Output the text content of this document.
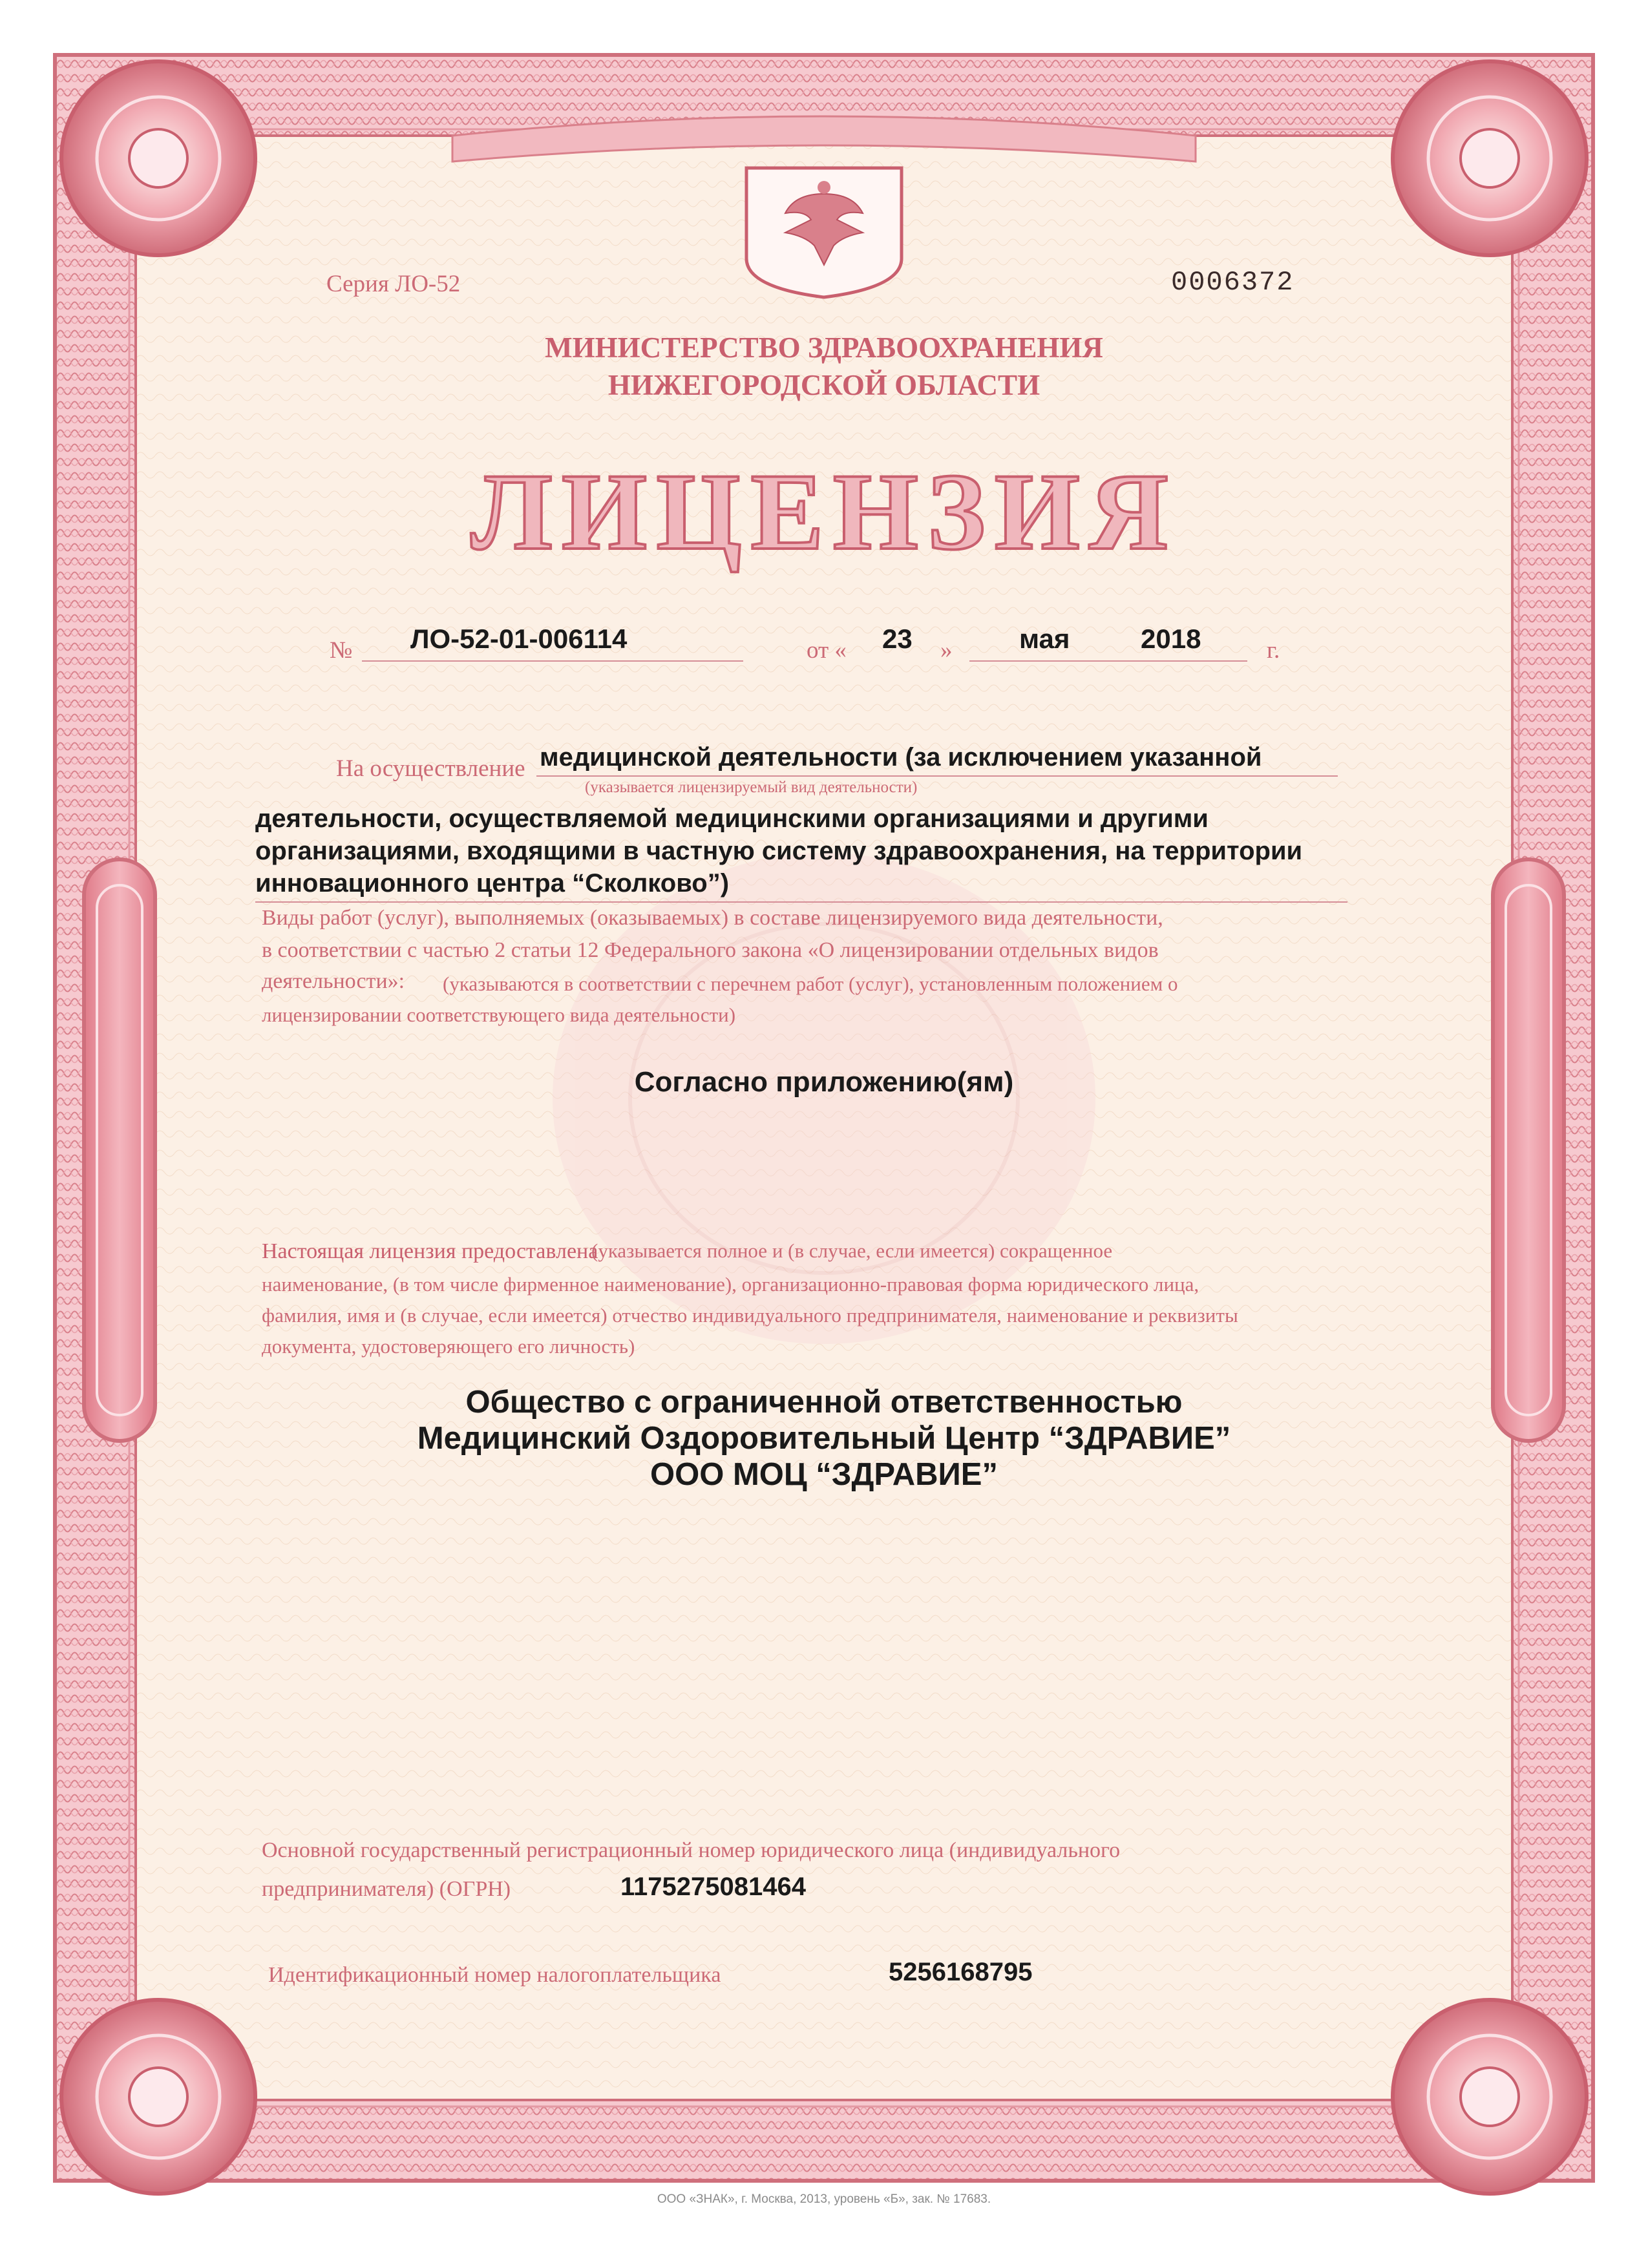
Серия ЛО-52	0006372
МИНИСТЕРСТВО ЗДРАВООХРАНЕНИЯ
НИЖЕГОРОДСКОЙ ОБЛАСТИ
ЛИЦЕНЗИЯ
№ ЛО-52-01-006114	от « 23 » мая	2018	г.
На осуществление медицинской деятельности (за исключением указанной
(указывается лицензируемый вид деятельности)
деятельности, осуществляемой медицинскими организациями и другими
организациями, входящими в частную систему здравоохранения, на территории
инновационного центра “Сколково”)
Виды работ (услуг), выполняемых (оказываемых) в составе лицензируемого вида деятельности,
в соответствии с частью 2 статьи 12 Федерального закона «О лицензировании отдельных видов
деятельности»: (указываются в соответствии с перечнем работ (услуг), установленным положением о
лицензировании соответствующего вида деятельности)
Согласно приложению(ям)
Настоящая лицензия предоставлена
(указывается полное и (в случае, если имеется) сокращенное
наименование, (в том числе фирменное наименование), организационно-правовая форма юридического лица,
фамилия, имя и (в случае, если имеется) отчество индивидуального предпринимателя, наименование и реквизиты
документа, удостоверяющего его личность)
Общество с ограниченной ответственностью
Медицинский Оздоровительный Центр “ЗДРАВИЕ”
ООО МОЦ “ЗДРАВИЕ”
Основной государственный регистрационный номер юридического лица (индивидуального
предпринимателя) (ОГРН)	1175275081464
Идентификационный номер налогоплательщика	5256168795
ООО «ЗНАК», г. Москва, 2013, уровень «Б», зак. № 17683.
